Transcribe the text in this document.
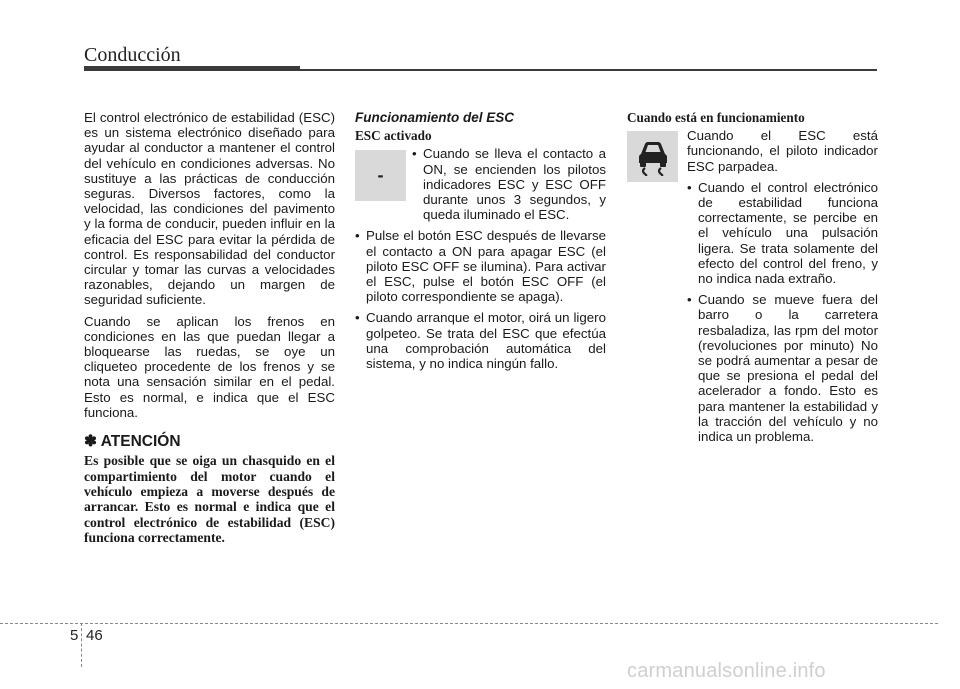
Conducción

El control electrónico de estabilidad (ESC) es un sistema electrónico diseñado para ayudar al conductor a mantener el control del vehículo en condiciones adversas. No sustituye a las prácticas de conducción seguras. Diversos factores, como la velocidad, las condiciones del pavimento y la forma de conducir, pueden influir en la eficacia del ESC para evitar la pérdida de control. Es responsabilidad del conductor circular y tomar las curvas a velocidades razonables, dejando un margen de seguridad suficiente.

Cuando se aplican los frenos en condiciones en las que puedan llegar a bloquearse las ruedas, se oye un cliqueteo procedente de los frenos y se nota una sensación similar en el pedal. Esto es normal, e indica que el ESC funciona.

✽ ATENCIÓN

Es posible que se oiga un chasquido en el compartimiento del motor cuando el vehículo empieza a moverse después de arrancar. Esto es normal e indica que el control electrónico de estabilidad (ESC) funciona correctamente.

Funcionamiento del ESC
ESC activado
-
• Cuando se lleva el contacto a ON, se encienden los pilotos indicadores ESC y ESC OFF durante unos 3 segundos, y queda iluminado el ESC.
• Pulse el botón ESC después de llevarse el contacto a ON para apagar ESC (el piloto ESC OFF se ilumina). Para activar el ESC, pulse el botón ESC OFF (el piloto correspondiente se apaga).
• Cuando arranque el motor, oirá un ligero golpeteo. Se trata del ESC que efectúa una comprobación automática del sistema, y no indica ningún fallo.
Cuando está en funcionamiento

Cuando el ESC está funcionando, el piloto indicador ESC parpadea.

• Cuando el control electrónico de estabilidad funciona correctamente, se percibe en el vehículo una pulsación ligera. Se trata solamente del efecto del control del freno, y no indica nada extraño.
• Cuando se mueve fuera del barro o la carretera resbaladiza, las rpm del motor (revoluciones por minuto) No se podrá aumentar a pesar de que se presiona el pedal del acelerador a fondo. Esto es para mantener la estabilidad y la tracción del vehículo y no indica un problema.
5 46
carmanualsonline.info
